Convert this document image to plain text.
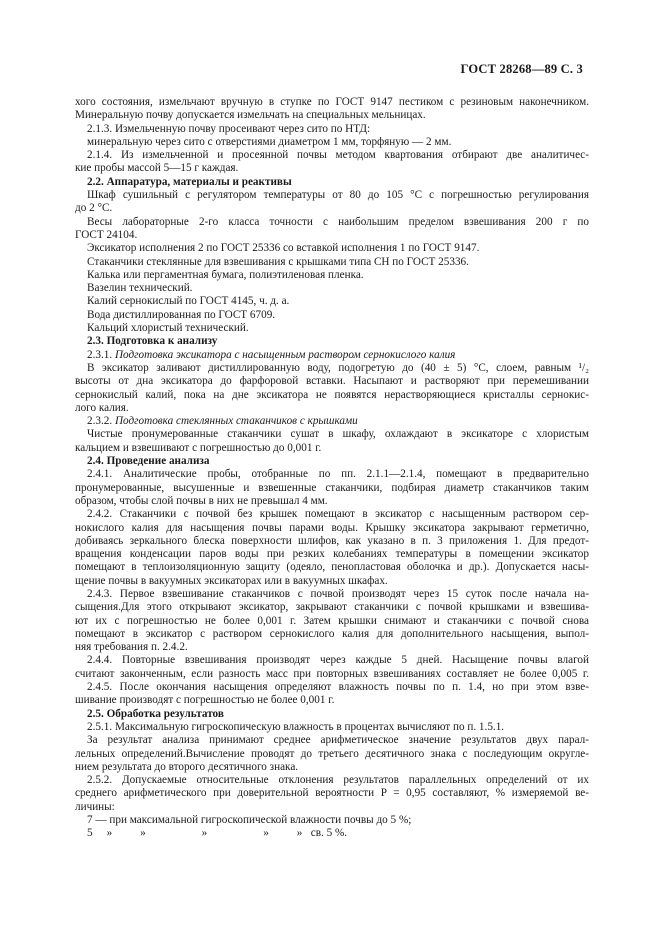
ГОСТ 28268—89 С. 3
хого состояния, измельчают вручную в ступке по ГОСТ 9147 пестиком с резиновым наконечником.
Минеральную почву допускается измельчать на специальных мельницах.
2.1.3. Измельченную почву просеивают через сито по НТД:
минеральную через сито с отверстиями диаметром 1 мм, торфяную — 2 мм.
2.1.4. Из измельченной и просеянной почвы методом квартования отбирают две аналитичес-
кие пробы массой 5—15 г каждая.
2.2. Аппаратура, материалы и реактивы
Шкаф сушильный с регулятором температуры от 80 до 105 °С с погрешностью регулирования
до 2 °С.
Весы лабораторные 2-го класса точности с наибольшим пределом взвешивания 200 г по
ГОСТ 24104.
Эксикатор исполнения 2 по ГОСТ 25336 со вставкой исполнения 1 по ГОСТ 9147.
Стаканчики стеклянные для взвешивания с крышками типа СН по ГОСТ 25336.
Калька или пергаментная бумага, полиэтиленовая пленка.
Вазелин технический.
Калий сернокислый по ГОСТ 4145, ч. д. а.
Вода дистиллированная по ГОСТ 6709.
Кальций хлористый технический.
2.3. Подготовка к анализу
2.3.1. Подготовка эксикатора с насыщенным раствором сернокислого калия
В эксикатор заливают дистиллированную воду, подогретую до (40 ± 5) °С, слоем, равным ¹/₂
высоты от дна эксикатора до фарфоровой вставки. Насыпают и растворяют при перемешивании
сернокислый калий, пока на дне эксикатора не появятся нерастворяющиеся кристаллы сернокис-
лого калия.
2.3.2. Подготовка стеклянных стаканчиков с крышками
Чистые пронумерованные стаканчики сушат в шкафу, охлаждают в эксикаторе с хлористым
кальцием и взвешивают с погрешностью до 0,001 г.
2.4. Проведение анализа
2.4.1. Аналитические пробы, отобранные по пп. 2.1.1—2.1.4, помещают в предварительно
пронумерованные, высушенные и взвешенные стаканчики, подбирая диаметр стаканчиков таким
образом, чтобы слой почвы в них не превышал 4 мм.
2.4.2. Стаканчики с почвой без крышек помещают в эксикатор с насыщенным раствором сер-
нокислого калия для насыщения почвы парами воды. Крышку эксикатора закрывают герметично,
добиваясь зеркального блеска поверхности шлифов, как указано в п. 3 приложения 1. Для предот-
вращения конденсации паров воды при резких колебаниях температуры в помещении эксикатор
помещают в теплоизоляционную защиту (одеяло, пенопластовая оболочка и др.). Допускается насы-
щение почвы в вакуумных эксикаторах или в вакуумных шкафах.
2.4.3. Первое взвешивание стаканчиков с почвой производят через 15 суток после начала на-
сыщения.Для этого открывают эксикатор, закрывают стаканчики с почвой крышками и взвешива-
ют их с погрешностью не более 0,001 г. Затем крышки снимают и стаканчики с почвой снова
помещают в эксикатор с раствором сернокислого калия для дополнительного насыщения, выпол-
няя требования п. 2.4.2.
2.4.4. Повторные взвешивания производят через каждые 5 дней. Насыщение почвы влагой
считают законченным, если разность масс при повторных взвешиваниях составляет не более 0,005 г.
2.4.5. После окончания насыщения определяют влажность почвы по п. 1.4, но при этом взве-
шивание производят с погрешностью не более 0,001 г.
2.5. Обработка результатов
2.5.1. Максимальную гигроскопическую влажность в процентах вычисляют по п. 1.5.1.
За результат анализа принимают среднее арифметическое значение результатов двух парал-
лельных определений.Вычисление проводят до третьего десятичного знака с последующим округле-
нием результата до второго десятичного знака.
2.5.2. Допускаемые относительные отклонения результатов параллельных определений от их
среднего арифметического при доверительной вероятности P = 0,95 составляют, % измеряемой ве-
личины:
7 — при максимальной гигроскопической влажности почвы до 5 %;
5     »          »                    »                    »          »   св. 5 %.
